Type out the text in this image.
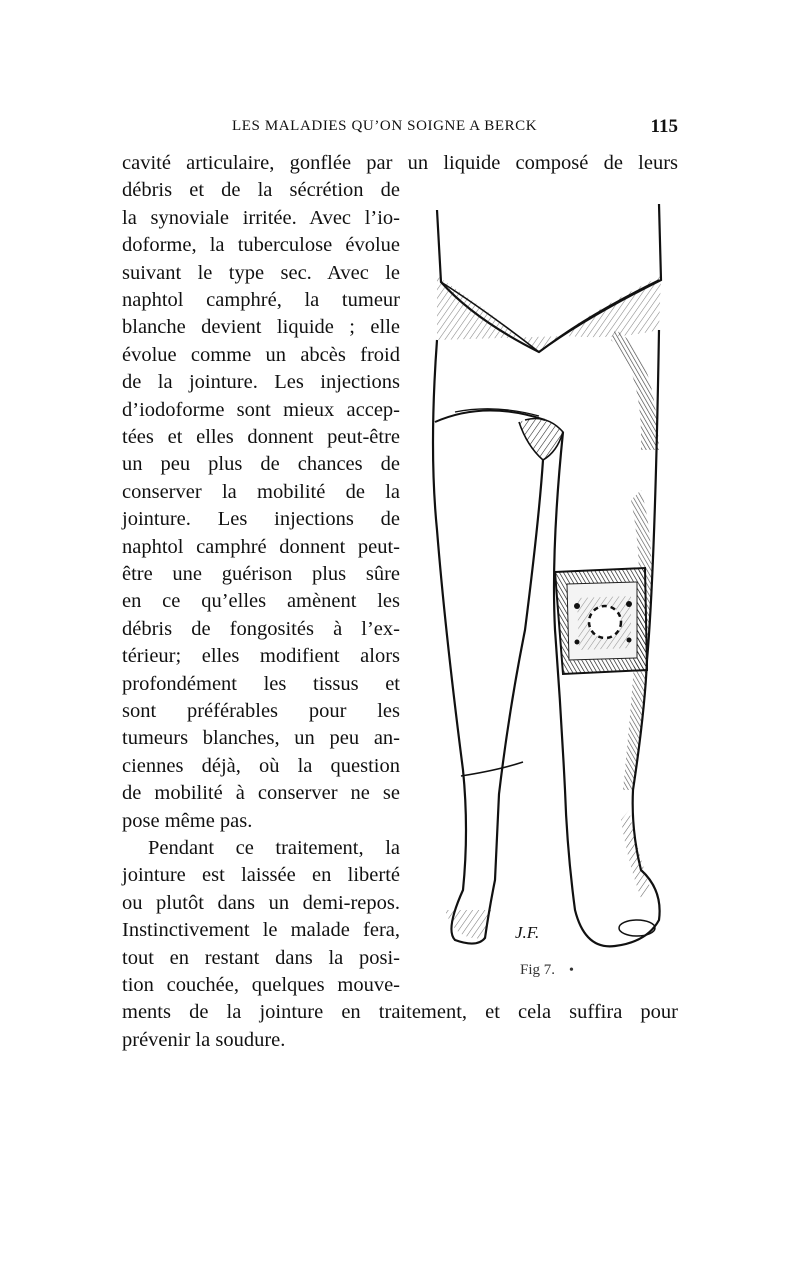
LES MALADIES QU’ON SOIGNE A BERCK	115
cavité articulaire, gonflée par un liquide composé de leurs
débris et de la sécrétion de
la synoviale irritée. Avec l’io-
doforme, la tuberculose évolue
suivant le type sec. Avec le
naphtol camphré, la tumeur
blanche devient liquide ; elle
évolue comme un abcès froid
de la jointure. Les injections
d’iodoforme sont mieux accep-
tées et elles donnent peut-être
un peu plus de chances de
conserver la mobilité de la
jointure. Les injections de
naphtol camphré donnent peut-
être une guérison plus sûre
en ce qu’elles amènent les
débris de fongosités à l’ex-
térieur; elles modifient alors
profondément les tissus et
sont préférables pour les
tumeurs blanches, un peu an-
ciennes déjà, où la question
de mobilité à conserver ne se
pose même pas.
Pendant ce traitement, la
jointure est laissée en liberté
ou plutôt dans un demi-repos.
Instinctivement le malade fera,
tout en restant dans la posi-
tion couchée, quelques mouve-
ments de la jointure en traitement, et cela suffira pour
prévenir la soudure.
J.F.
Fig 7. •
